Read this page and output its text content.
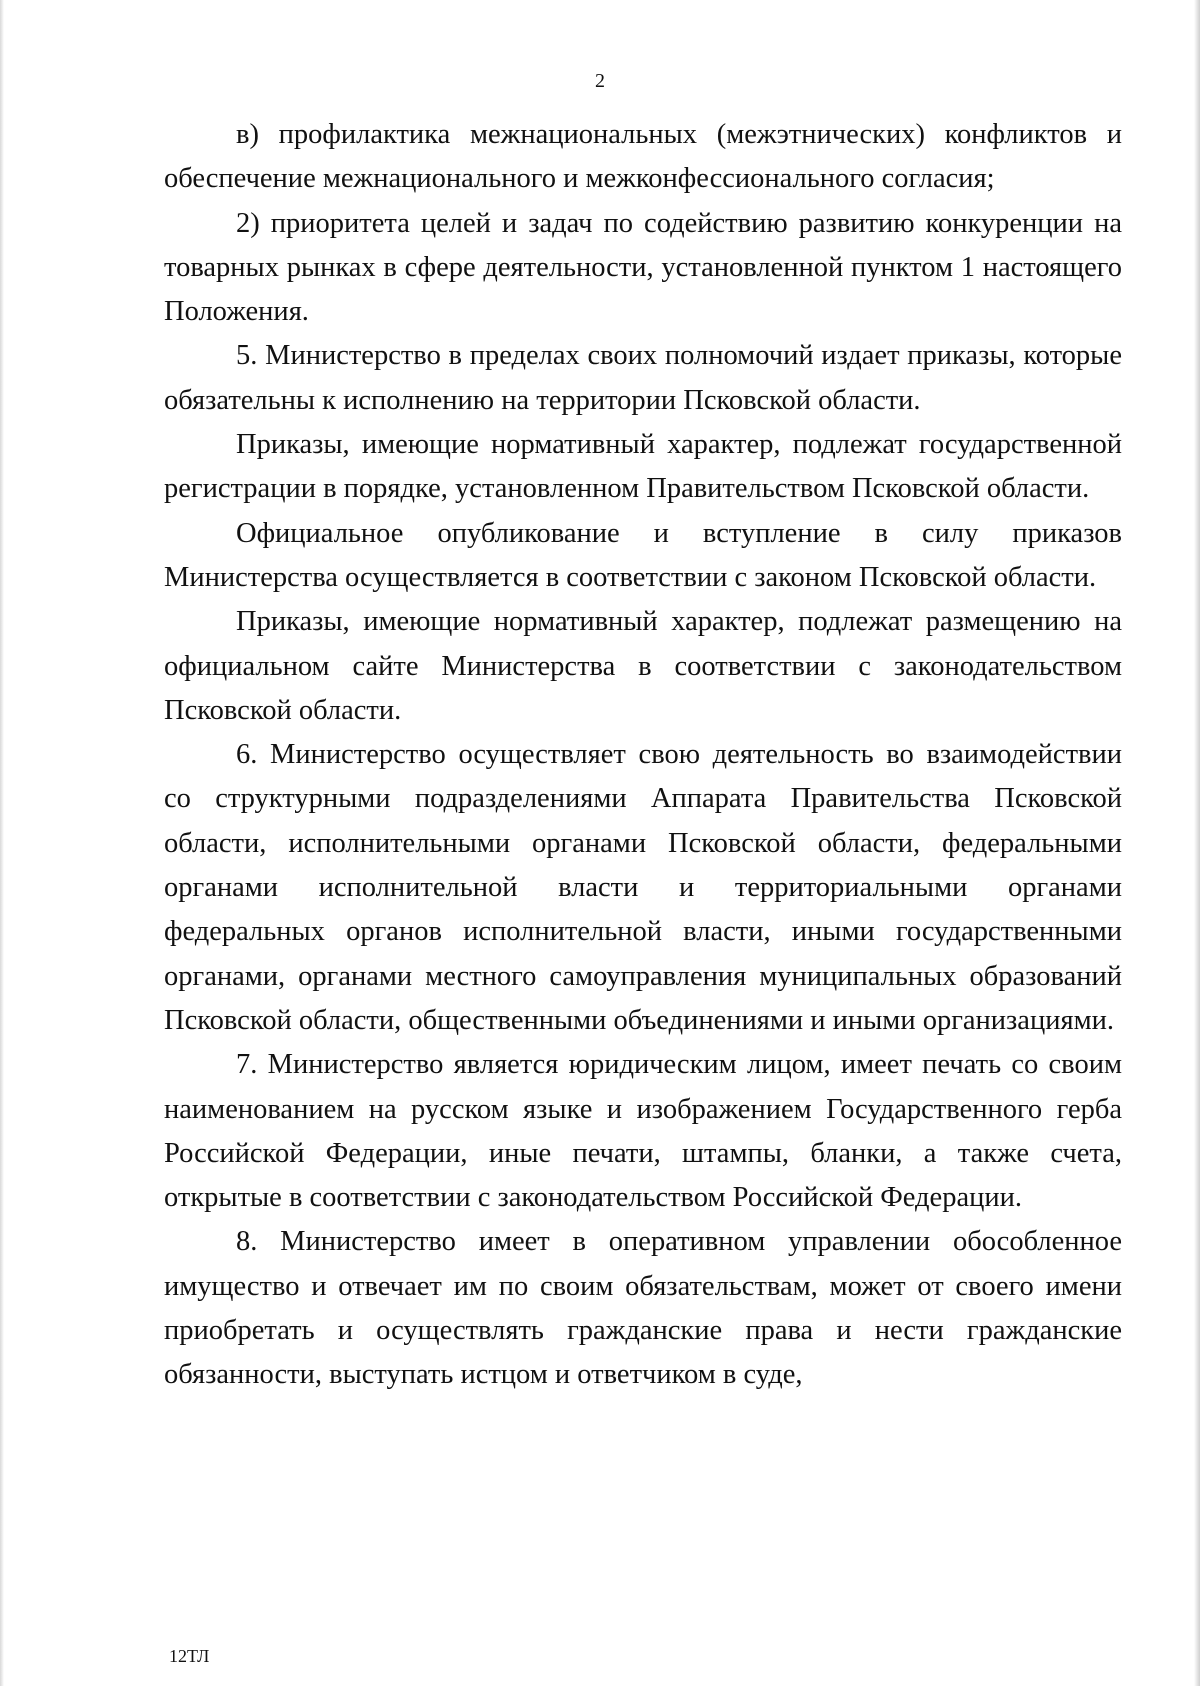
2

в) профилактика межнациональных (межэтнических) конфликтов и обеспечение межнационального и межконфессионального согласия;

2) приоритета целей и задач по содействию развитию конкуренции на товарных рынках в сфере деятельности, установленной пунктом 1 настоящего Положения.

5. Министерство в пределах своих полномочий издает приказы, которые обязательны к исполнению на территории Псковской области.

Приказы, имеющие нормативный характер, подлежат государственной регистрации в порядке, установленном Правительством Псковской области.

Официальное опубликование и вступление в силу приказов Министерства осуществляется в соответствии с законом Псковской области.

Приказы, имеющие нормативный характер, подлежат размещению на официальном сайте Министерства в соответствии с законодательством Псковской области.

6. Министерство осуществляет свою деятельность во взаимодействии со структурными подразделениями Аппарата Правительства Псковской области, исполнительными органами Псковской области, федеральными органами исполнительной власти и территориальными органами федеральных органов исполнительной власти, иными государственными органами, органами местного самоуправления муниципальных образований Псковской области, общественными объединениями и иными организациями.

7. Министерство является юридическим лицом, имеет печать со своим наименованием на русском языке и изображением Государственного герба Российской Федерации, иные печати, штампы, бланки, а также счета, открытые в соответствии с законодательством Российской Федерации.

8. Министерство имеет в оперативном управлении обособленное имущество и отвечает им по своим обязательствам, может от своего имени приобретать и осуществлять гражданские права и нести гражданские обязанности, выступать истцом и ответчиком в суде,

12ТЛ
